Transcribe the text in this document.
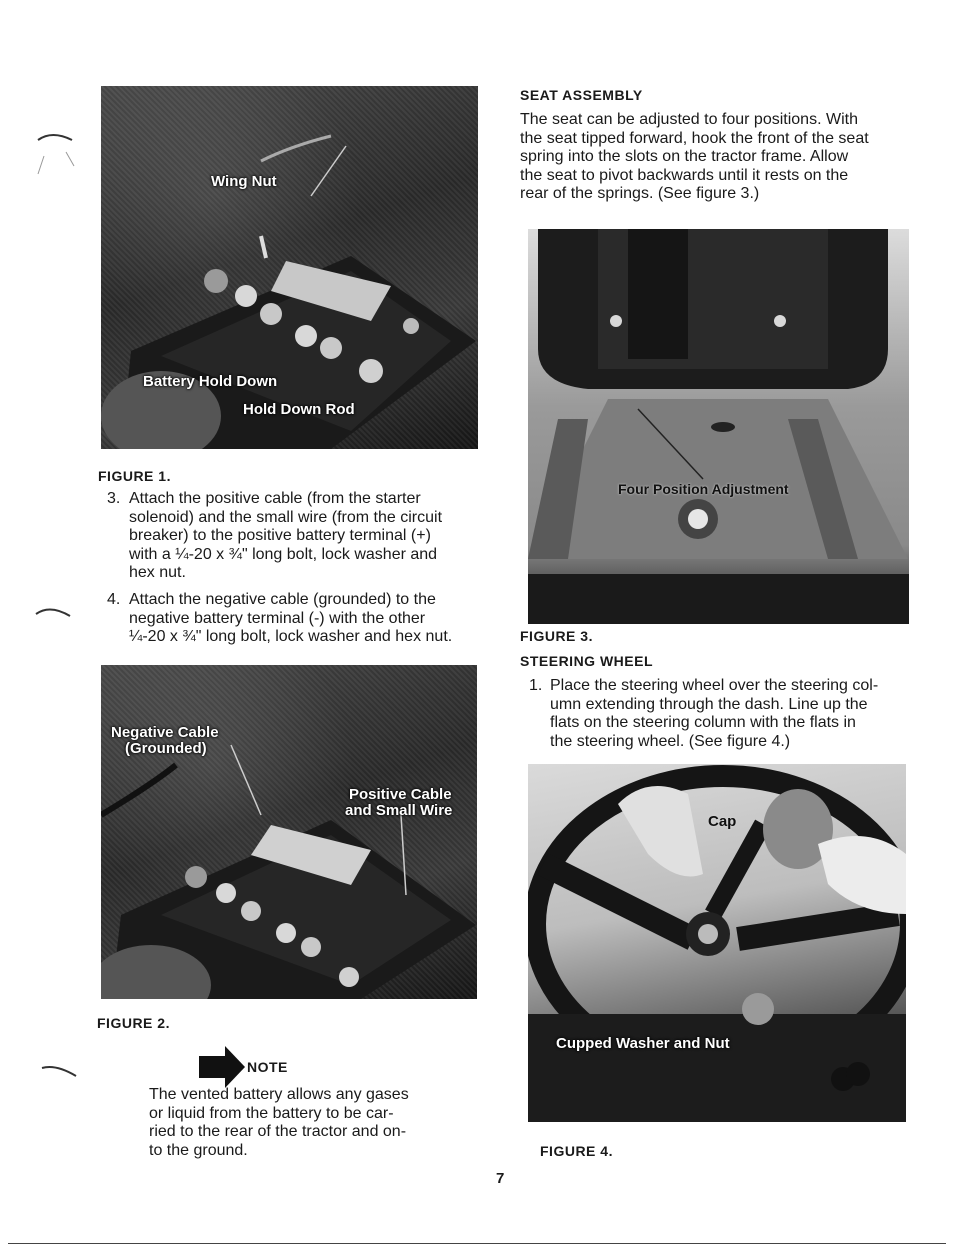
Wing Nut
Battery Hold Down
Hold Down Rod
FIGURE 1.
3. Attach the positive cable (from the starter
solenoid) and the small wire (from the circuit
breaker) to the positive battery terminal (+)
with a ¼-20 x ¾" long bolt, lock washer and
hex nut.
4. Attach the negative cable (grounded) to the
negative battery terminal (-) with the other
¼-20 x ¾" long bolt, lock washer and hex nut.
Negative Cable
(Grounded)
Positive Cable
and Small Wire
FIGURE 2.
NOTE
The vented battery allows any gases
or liquid from the battery to be car-
ried to the rear of the tractor and on-
to the ground.
SEAT ASSEMBLY
The seat can be adjusted to four positions. With
the seat tipped forward, hook the front of the seat
spring into the slots on the tractor frame. Allow
the seat to pivot backwards until it rests on the
rear of the springs. (See figure 3.)
Four Position Adjustment
FIGURE 3.
STEERING WHEEL
1. Place the steering wheel over the steering col-
umn extending through the dash. Line up the
flats on the steering column with the flats in
the steering wheel. (See figure 4.)
Cap
Cupped Washer and Nut
FIGURE 4.
7
